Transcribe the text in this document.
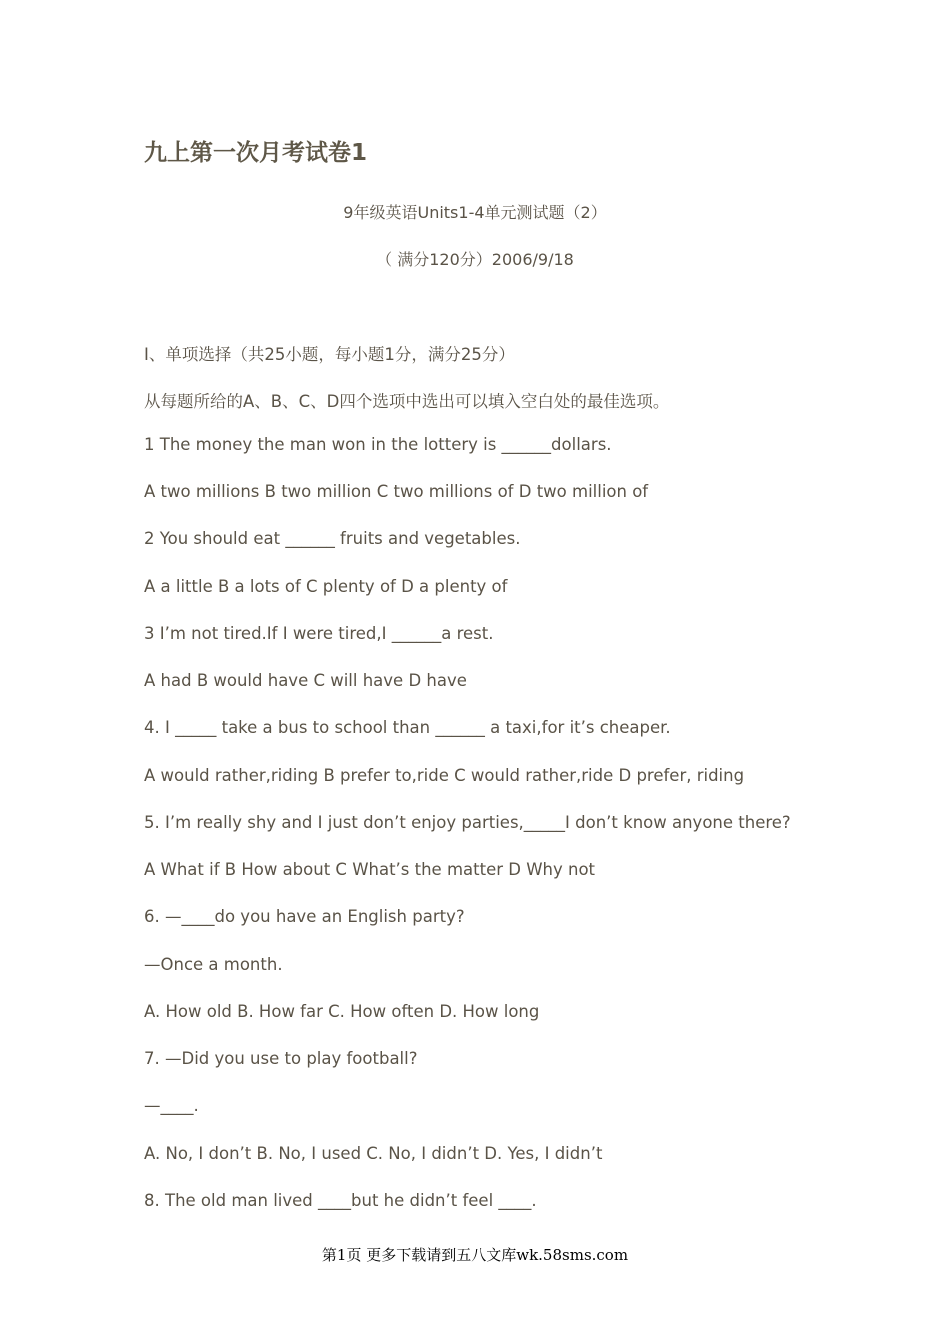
九上第一次月考试卷1
9年级英语Units1-4单元测试题（2）
（ 满分120分）2006/9/18
Ⅰ、单项选择（共25小题，每小题1分，满分25分）
从每题所给的A、B、C、D四个选项中选出可以填入空白处的最佳选项。
1 The money the man won in the lottery is ______dollars.
A two millions B two million C two millions of D two million of
2 You should eat ______ fruits and vegetables.
A a little B a lots of C plenty of D a plenty of
3 I’m not tired.If I were tired,I ______a rest.
A had B would have C will have D have
4. I _____ take a bus to school than ______ a taxi,for it’s cheaper.
A would rather,riding B prefer to,ride C would rather,ride D prefer, riding
5. I’m really shy and I just don’t enjoy parties,_____I don’t know anyone there?
A What if B How about C What’s the matter D Why not
6. —____do you have an English party?
—Once a month.
A. How old B. How far C. How often D. How long
7. —Did you use to play football?
—____.
A. No, I don’t B. No, I used C. No, I didn’t D. Yes, I didn’t
8. The old man lived ____but he didn’t feel ____.
第1页 更多下载请到五八文库wk.58sms.com
